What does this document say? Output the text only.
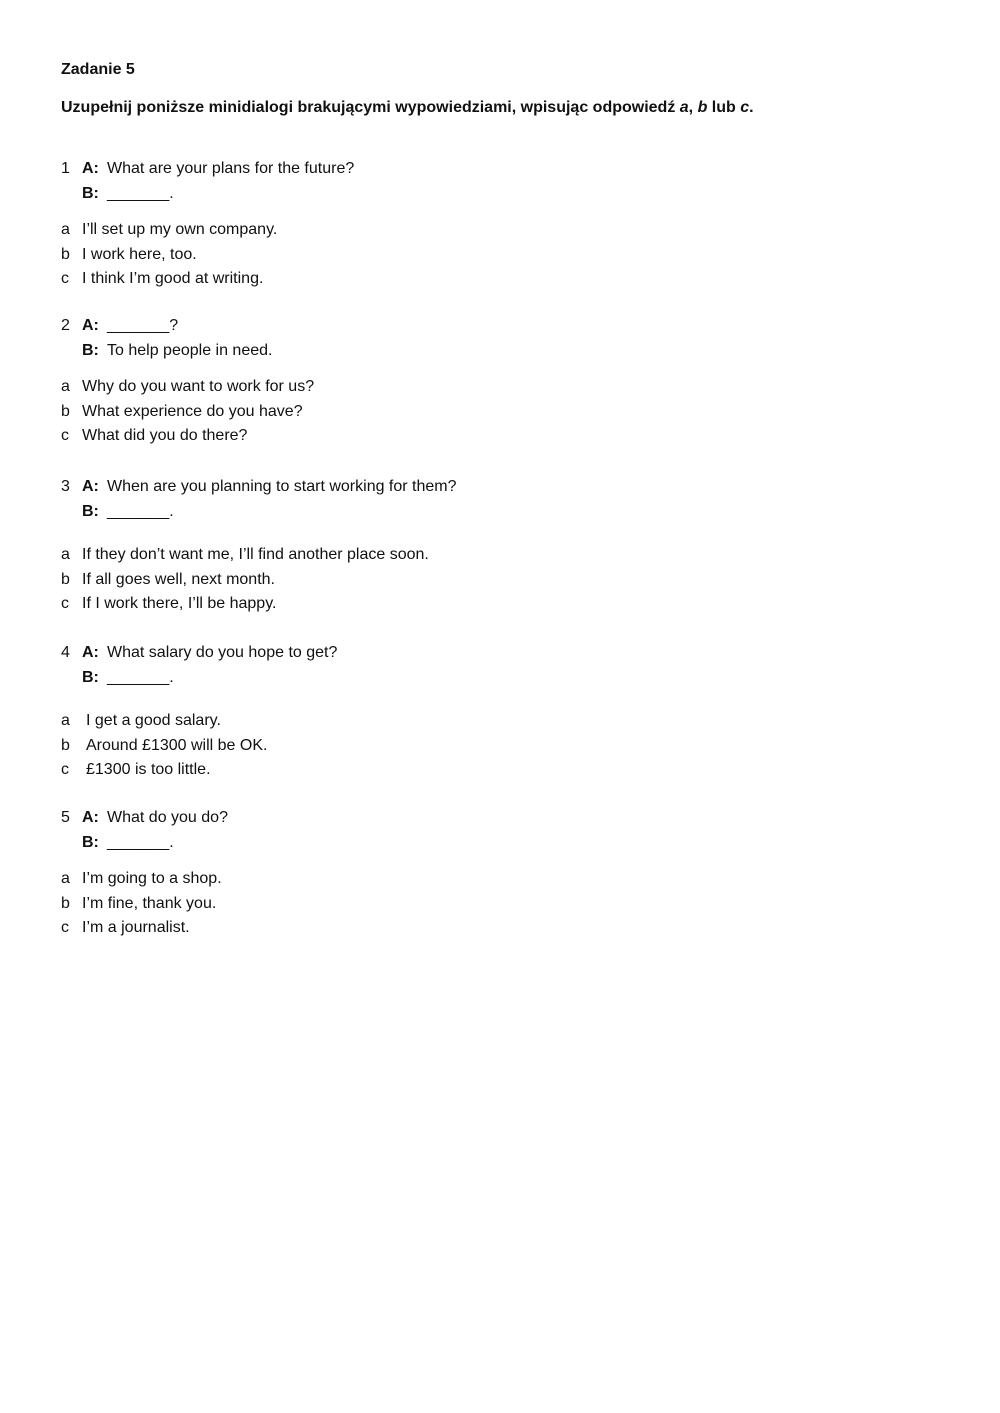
Zadanie 5
Uzupełnij poniższe minidialogi brakującymi wypowiedziami, wpisując odpowiedź a, b lub c.
1 A: What are your plans for the future?
B: _______.
a I’ll set up my own company.
b I work here, too.
c I think I’m good at writing.
2 A: _______?
B: To help people in need.
a Why do you want to work for us?
b What experience do you have?
c What did you do there?
3 A: When are you planning to start working for them?
B: _______.
a If they don’t want me, I’ll find another place soon.
b If all goes well, next month.
c If I work there, I’ll be happy.
4 A: What salary do you hope to get?
B: _______.
a I get a good salary.
b Around £1300 will be OK.
c £1300 is too little.
5 A: What do you do?
B: _______.
a I’m going to a shop.
b I’m fine, thank you.
c I’m a journalist.
